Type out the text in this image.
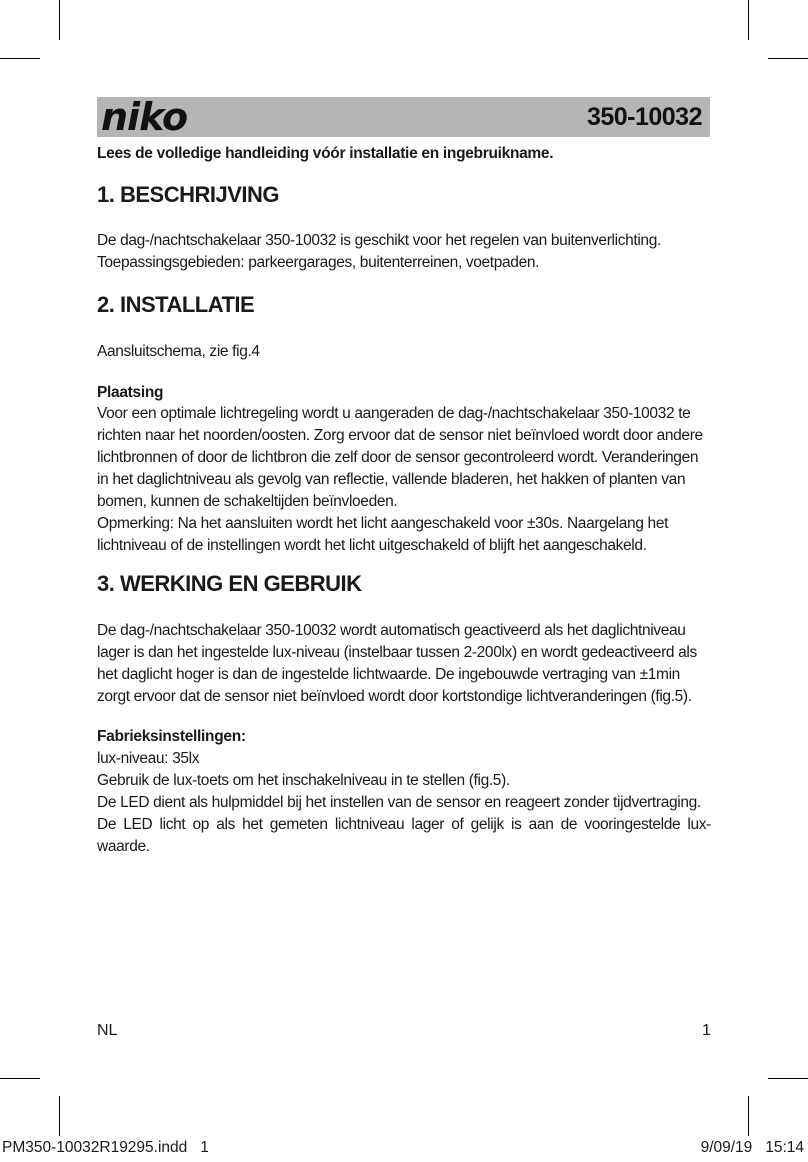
niko	350-10032
Lees de volledige handleiding vóór installatie en ingebruikname.
1. BESCHRIJVING
De dag-/nachtschakelaar 350-10032 is geschikt voor het regelen van buitenverlichting.
Toepassingsgebieden: parkeergarages, buitenterreinen, voetpaden.
2. INSTALLATIE
Aansluitschema, zie fig.4
Plaatsing
Voor een optimale lichtregeling wordt u aangeraden de dag-/nachtschakelaar 350-10032 te
richten naar het noorden/oosten. Zorg ervoor dat de sensor niet beïnvloed wordt door andere
lichtbronnen of door de lichtbron die zelf door de sensor gecontroleerd wordt. Veranderingen
in het daglichtniveau als gevolg van reflectie, vallende bladeren, het hakken of planten van
bomen, kunnen de schakeltijden beïnvloeden.
Opmerking: Na het aansluiten wordt het licht aangeschakeld voor ±30s. Naargelang het
lichtniveau of de instellingen wordt het licht uitgeschakeld of blijft het aangeschakeld.
3. WERKING EN GEBRUIK
De dag-/nachtschakelaar 350-10032 wordt automatisch geactiveerd als het daglichtniveau
lager is dan het ingestelde lux-niveau (instelbaar tussen 2-200lx) en wordt gedeactiveerd als
het daglicht hoger is dan de ingestelde lichtwaarde. De ingebouwde vertraging van ±1min
zorgt ervoor dat de sensor niet beïnvloed wordt door kortstondige lichtveranderingen (fig.5).
Fabrieksinstellingen:
lux-niveau: 35lx
Gebruik de lux-toets om het inschakelniveau in te stellen (fig.5).
De LED dient als hulpmiddel bij het instellen van de sensor en reageert zonder tijdvertraging.
De LED licht op als het gemeten lichtniveau lager of gelijk is aan de vooringestelde lux-waarde.
NL	1
PM350-10032R19295.indd   1	9/09/19   15:14
